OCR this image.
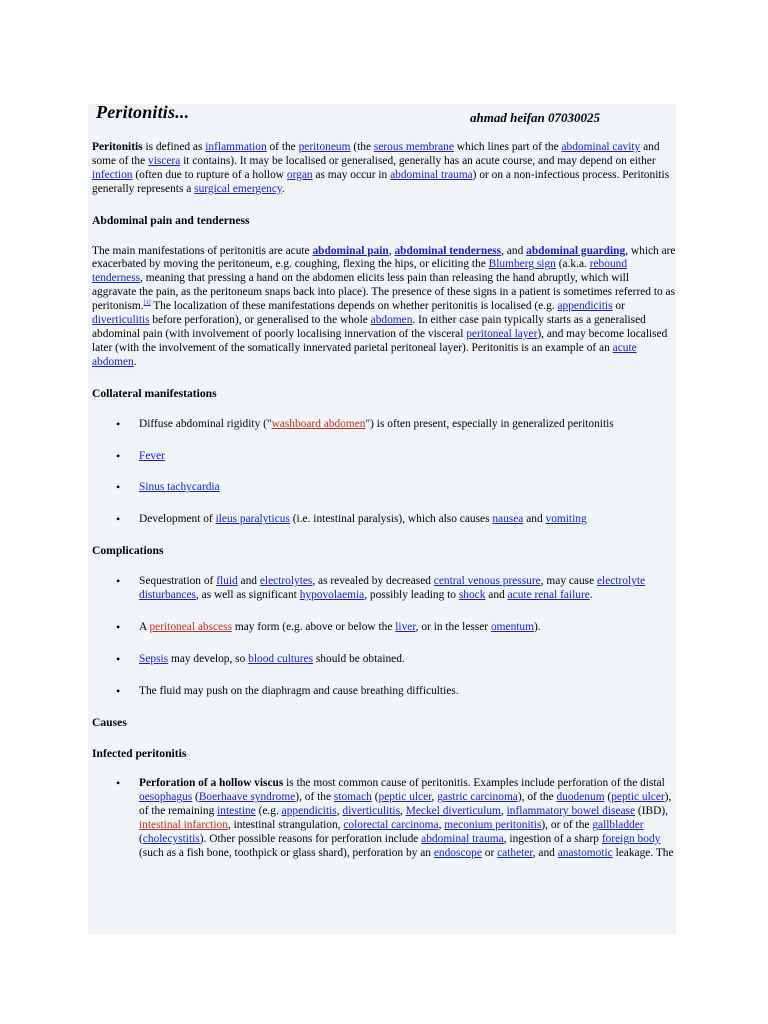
Peritonitis...	ahmad heifan 07030025

Peritonitis is defined as inflammation of the peritoneum (the serous membrane which lines part of the abdominal cavity and some of the viscera it contains). It may be localised or generalised, generally has an acute course, and may depend on either infection (often due to rupture of a hollow organ as may occur in abdominal trauma) or on a non-infectious process. Peritonitis generally represents a surgical emergency.

Abdominal pain and tenderness

The main manifestations of peritonitis are acute abdominal pain, abdominal tenderness, and abdominal guarding, which are exacerbated by moving the peritoneum, e.g. coughing, flexing the hips, or eliciting the Blumberg sign (a.k.a. rebound tenderness, meaning that pressing a hand on the abdomen elicits less pain than releasing the hand abruptly, which will aggravate the pain, as the peritoneum snaps back into place). The presence of these signs in a patient is sometimes referred to as peritonism.[1] The localization of these manifestations depends on whether peritonitis is localised (e.g. appendicitis or diverticulitis before perforation), or generalised to the whole abdomen. In either case pain typically starts as a generalised abdominal pain (with involvement of poorly localising innervation of the visceral peritoneal layer), and may become localised later (with the involvement of the somatically innervated parietal peritoneal layer). Peritonitis is an example of an acute abdomen.

Collateral manifestations
• Diffuse abdominal rigidity ("washboard abdomen") is often present, especially in generalized peritonitis
• Fever
• Sinus tachycardia
• Development of ileus paralyticus (i.e. intestinal paralysis), which also causes nausea and vomiting
Complications
• Sequestration of fluid and electrolytes, as revealed by decreased central venous pressure, may cause electrolyte disturbances, as well as significant hypovolaemia, possibly leading to shock and acute renal failure.
• A peritoneal abscess may form (e.g. above or below the liver, or in the lesser omentum).
• Sepsis may develop, so blood cultures should be obtained.
• The fluid may push on the diaphragm and cause breathing difficulties.
Causes
Infected peritonitis
• Perforation of a hollow viscus is the most common cause of peritonitis. Examples include perforation of the distal oesophagus (Boerhaave syndrome), of the stomach (peptic ulcer, gastric carcinoma), of the duodenum (peptic ulcer), of the remaining intestine (e.g. appendicitis, diverticulitis, Meckel diverticulum, inflammatory bowel disease (IBD), intestinal infarction, intestinal strangulation, colorectal carcinoma, meconium peritonitis), or of the gallbladder (cholecystitis). Other possible reasons for perforation include abdominal trauma, ingestion of a sharp foreign body (such as a fish bone, toothpick or glass shard), perforation by an endoscope or catheter, and anastomotic leakage. The
